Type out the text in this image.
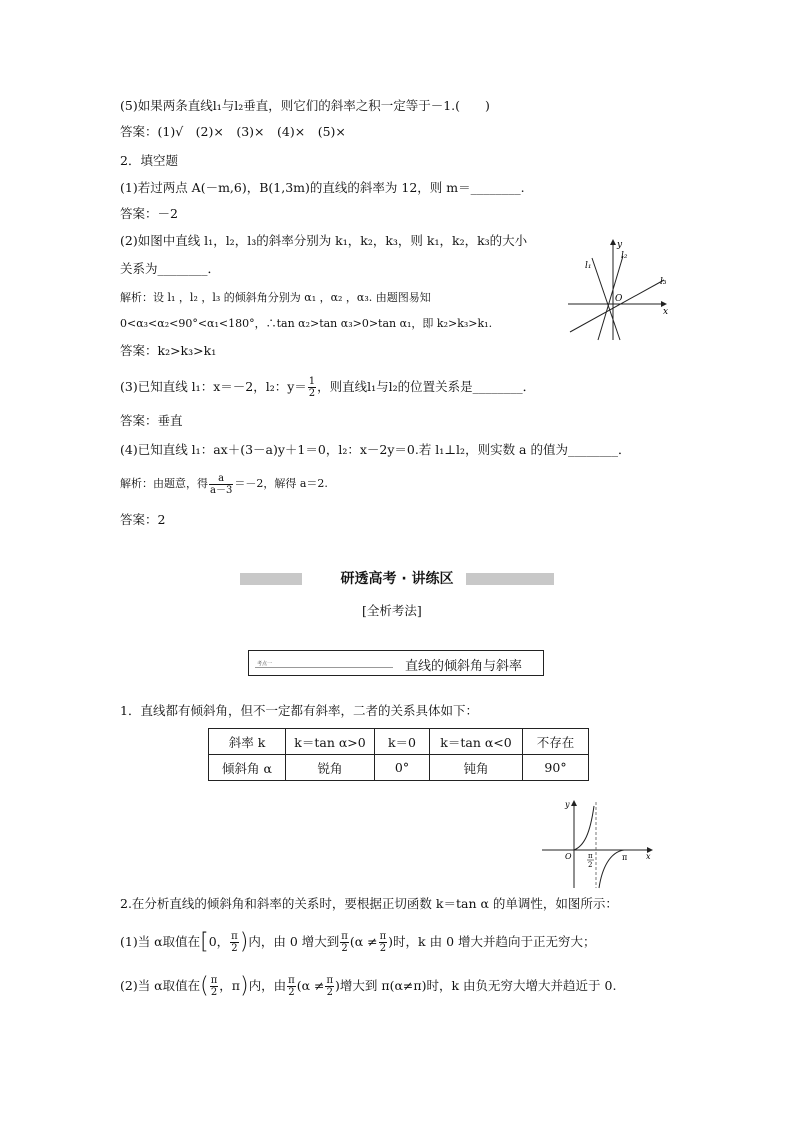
(5)如果两条直线l₁与l₂垂直，则它们的斜率之积一定等于－1.(　　)
答案：(1)√　(2)×　(3)×　(4)×　(5)×
2．填空题
(1)若过两点 A(－m,6)，B(1,3m)的直线的斜率为 12，则 m＝________.
答案：－2
(2)如图中直线 l₁，l₂，l₃的斜率分别为 k₁，k₂，k₃，则 k₁，k₂，k₃的大小
关系为________．
解析：设 l₁ ，l₂ ，l₃ 的倾斜角分别为 α₁ ，α₂ ，α₃. 由题图易知
0<α₃<α₂<90°<α₁<180°，∴tan α₂>tan α₃>0>tan α₁，即 k₂>k₃>k₁.
答案：k₂>k₃>k₁
(3)已知直线 l₁：x＝－2，l₂：$y= \frac{1}{2}$ ，则直线l₁与l₂的位置关系是________．
答案：垂直
(4)已知直线 l₁：ax＋(3－a)y＋1＝0，l₂：x－2y＝0.若 l₁⊥l₂，则实数 a 的值为________．
解析：由题意，得 $\frac{a}{a-3} =-2$，解得 a＝2.
答案：2
y
x
O
l₁
l₂
l₃
研透高考 · 讲练区
[全析考法]
考点一	直线的倾斜角与斜率
1．直线都有倾斜角，但不一定都有斜率，二者的关系具体如下：
斜率 k	k＝tan α>0	k＝0	k＝tan α<0	不存在
倾斜角 α	锐角	0°	钝角	90°
y
x
O	π
π
2
2.在分析直线的倾斜角和斜率的关系时，要根据正切函数 k＝tan α 的单调性，如图所示：
(1)当 α取值在[0， $\frac{\pi}{2}$ )内，由 0 增大到 $\frac{\pi}{2} (\alpha \ne \frac{\pi}{2}$ )时，k 由 0 增大并趋向于正无穷大；
(2)当 α取值在( $\frac{\pi}{2}$ ，π)内，由 $\frac{\pi}{2} (\alpha \ne \frac{\pi}{2}$ )增大到 π(α≠π)时，k 由负无穷大增大并趋近于 0.
